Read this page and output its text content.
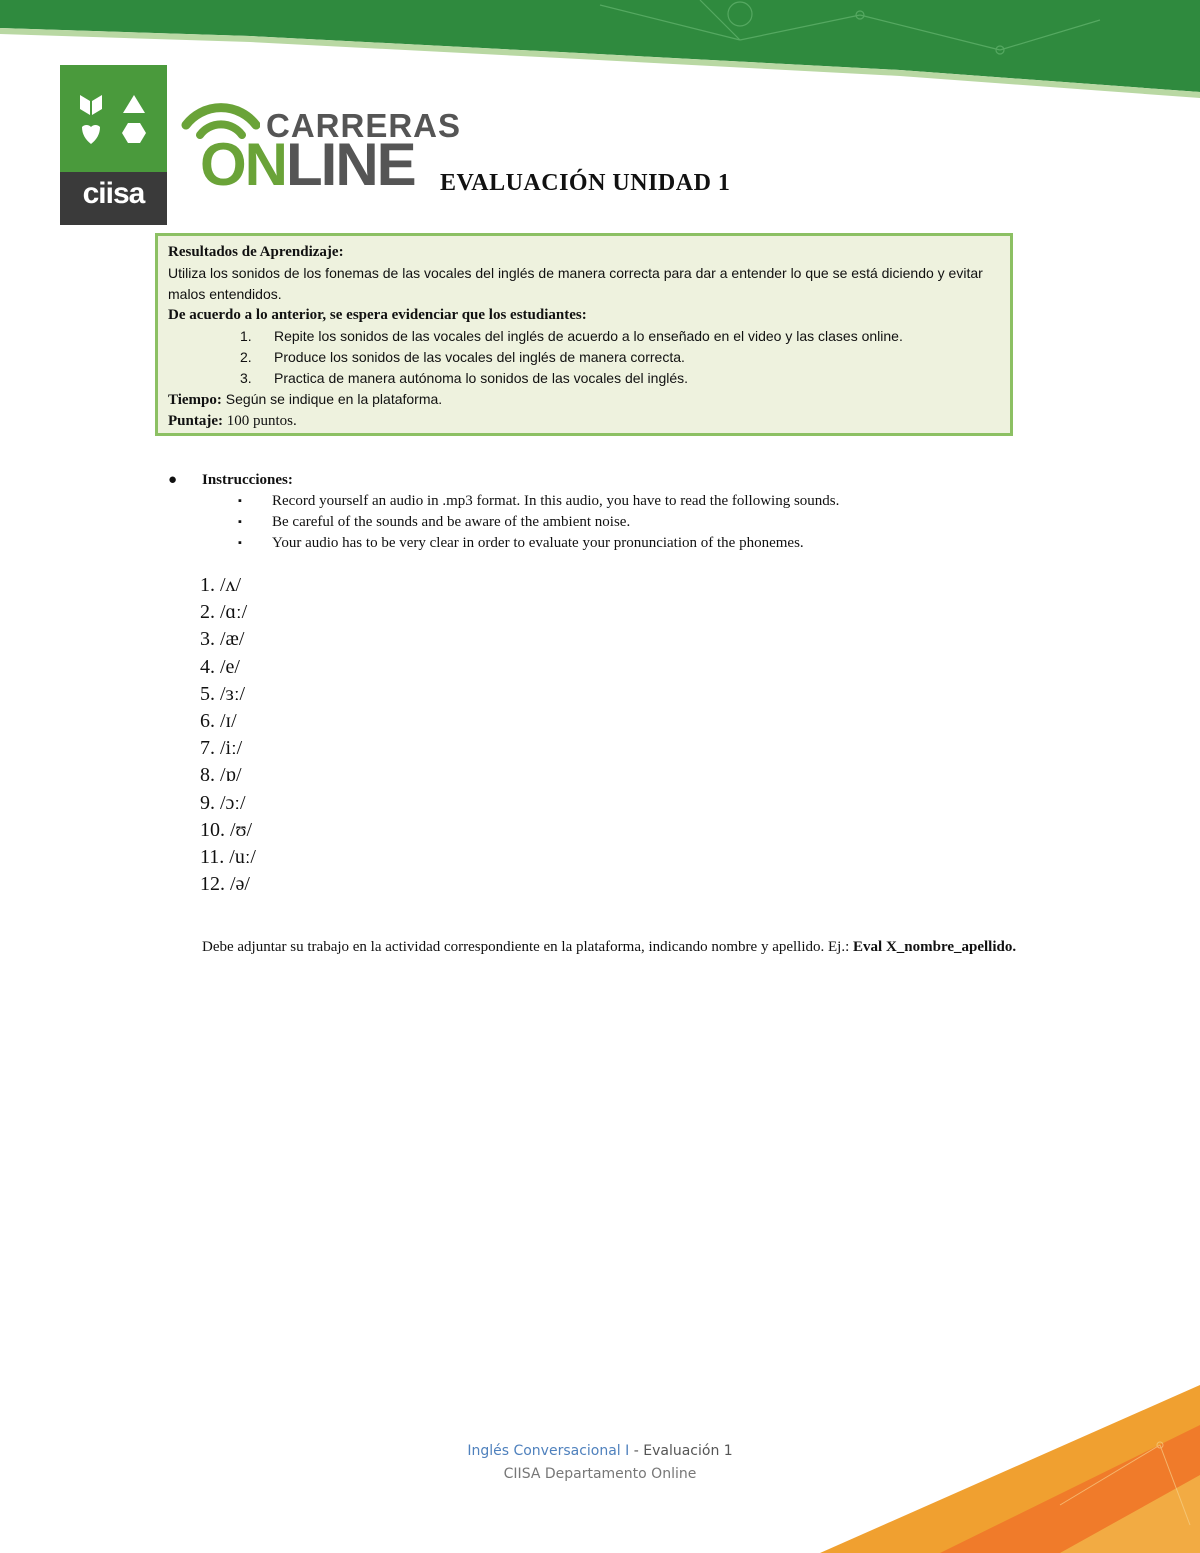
ciisa
CARRERAS
ONLINE EVALUACIÓN UNIDAD 1
Resultados de Aprendizaje:
Utiliza los sonidos de los fonemas de las vocales del inglés de manera correcta para dar a entender lo que se está diciendo y evitar malos entendidos.
De acuerdo a lo anterior, se espera evidenciar que los estudiantes:
1. Repite los sonidos de las vocales del inglés de acuerdo a lo enseñado en el video y las clases online.
2. Produce los sonidos de las vocales del inglés de manera correcta.
3. Practica de manera autónoma lo sonidos de las vocales del inglés.
Tiempo: Según se indique en la plataforma.
Puntaje: 100 puntos.
● Instrucciones:
▪ Record yourself an audio in .mp3 format. In this audio, you have to read the following sounds.
▪ Be careful of the sounds and be aware of the ambient noise.
▪ Your audio has to be very clear in order to evaluate your pronunciation of the phonemes.
1. /ʌ/
2. /ɑː/
3. /æ/
4. /e/
5. /ɜː/
6. /ɪ/
7. /iː/
8. /ɒ/
9. /ɔː/
10. /ʊ/
11. /uː/
12. /ə/
Debe adjuntar su trabajo en la actividad correspondiente en la plataforma, indicando nombre y apellido. Ej.: Eval X_nombre_apellido.
Inglés Conversacional I - Evaluación 1
CIISA Departamento Online
